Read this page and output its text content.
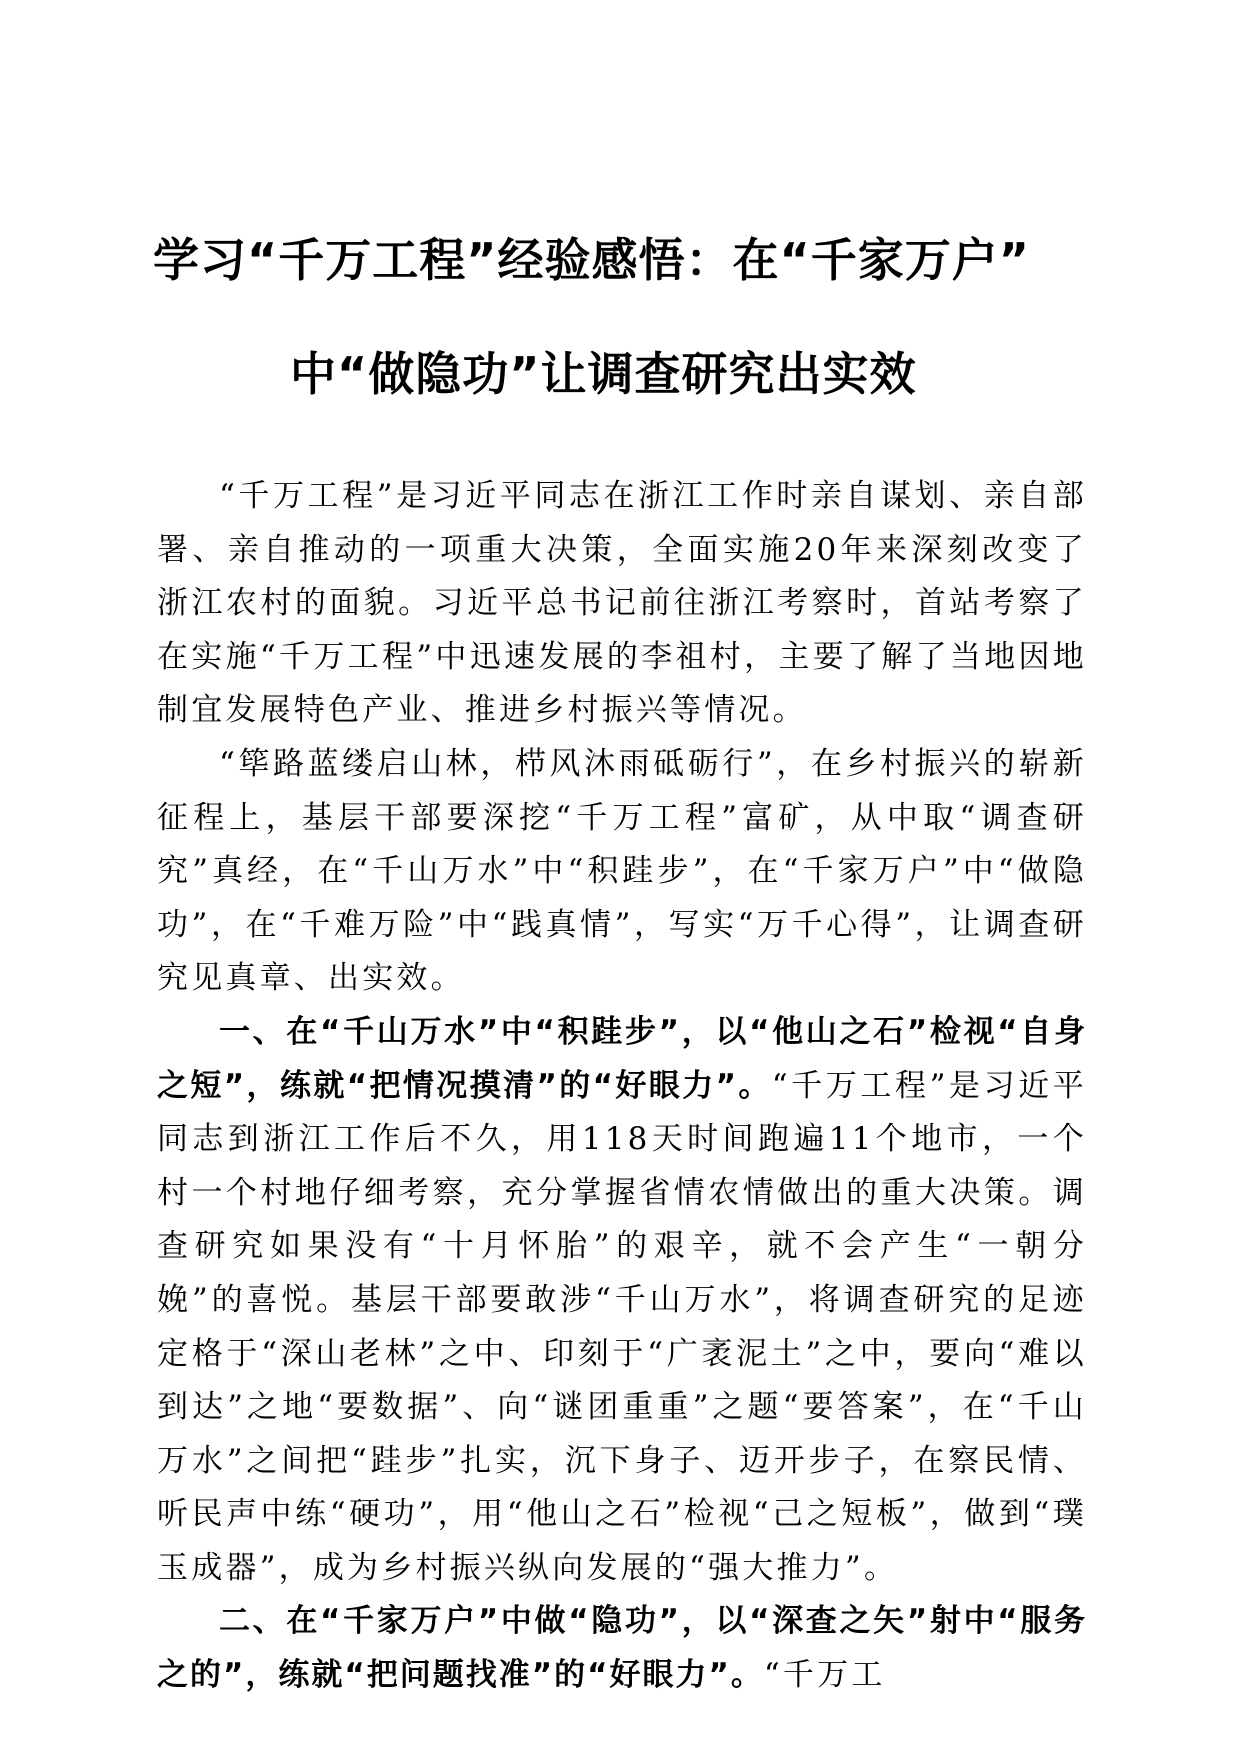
学习“千万工程”经验感悟：在“千家万户”
中“做隐功”让调查研究出实效

“千万工程”是习近平同志在浙江工作时亲自谋划、亲自部署、亲自推动的一项重大决策，全面实施20年来深刻改变了浙江农村的面貌。习近平总书记前往浙江考察时，首站考察了在实施“千万工程”中迅速发展的李祖村，主要了解了当地因地制宜发展特色产业、推进乡村振兴等情况。

“筚路蓝缕启山林，栉风沐雨砥砺行”，在乡村振兴的崭新征程上，基层干部要深挖“千万工程”富矿，从中取“调查研究”真经，在“千山万水”中“积跬步”，在“千家万户”中“做隐功”，在“千难万险”中“践真情”，写实“万千心得”，让调查研究见真章、出实效。

一、在“千山万水”中“积跬步”，以“他山之石”检视“自身之短”，练就“把情况摸清”的“好眼力”。“千万工程”是习近平同志到浙江工作后不久，用118天时间跑遍11个地市，一个村一个村地仔细考察，充分掌握省情农情做出的重大决策。调查研究如果没有“十月怀胎”的艰辛，就不会产生“一朝分娩”的喜悦。基层干部要敢涉“千山万水”，将调查研究的足迹定格于“深山老林”之中、印刻于“广袤泥土”之中，要向“难以到达”之地“要数据”、向“谜团重重”之题“要答案”，在“千山万水”之间把“跬步”扎实，沉下身子、迈开步子，在察民情、听民声中练“硬功”，用“他山之石”检视“己之短板”，做到“璞玉成器”，成为乡村振兴纵向发展的“强大推力”。

二、在“千家万户”中做“隐功”，以“深查之矢”射中“服务之的”，练就“把问题找准”的“好眼力”。“千万工
